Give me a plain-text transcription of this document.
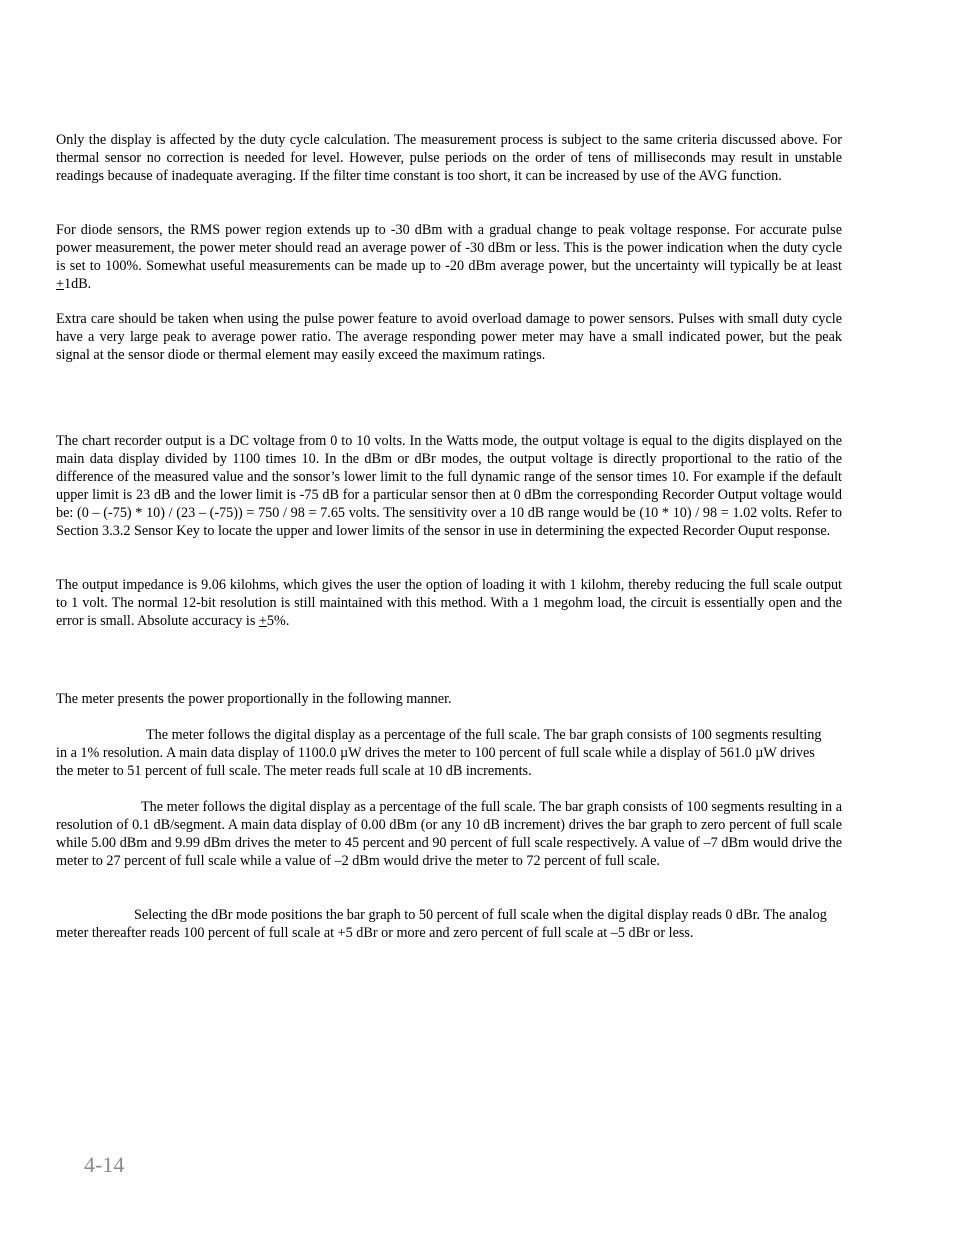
Only the display is affected by the duty cycle calculation. The measurement process is subject to the same criteria discussed above. For thermal sensor no correction is needed for level. However, pulse periods on the order of tens of milliseconds may result in unstable readings because of inadequate averaging. If the filter time constant is too short, it can be increased by use of the AVG function.

For diode sensors, the RMS power region extends up to -30 dBm with a gradual change to peak voltage response. For accurate pulse power measurement, the power meter should read an average power of -30 dBm or less. This is the power indication when the duty cycle is set to 100%. Somewhat useful measurements can be made up to -20 dBm average power, but the uncertainty will typically be at least +1dB.

Extra care should be taken when using the pulse power feature to avoid overload damage to power sensors. Pulses with small duty cycle have a very large peak to average power ratio. The average responding power meter may have a small indicated power, but the peak signal at the sensor diode or thermal element may easily exceed the maximum ratings.

The chart recorder output is a DC voltage from 0 to 10 volts. In the Watts mode, the output voltage is equal to the digits displayed on the main data display divided by 1100 times 10. In the dBm or dBr modes, the output voltage is directly proportional to the ratio of the difference of the measured value and the sonsor’s lower limit to the full dynamic range of the sensor times 10. For example if the default upper limit is 23 dB and the lower limit is -75 dB for a particular sensor then at 0 dBm the corresponding Recorder Output voltage would be: (0 – (-75) * 10) / (23 – (-75)) = 750 / 98 = 7.65 volts. The sensitivity over a 10 dB range would be (10 * 10) / 98 = 1.02 volts. Refer to Section 3.3.2 Sensor Key to locate the upper and lower limits of the sensor in use in determining the expected Recorder Ouput response.

The output impedance is 9.06 kilohms, which gives the user the option of loading it with 1 kilohm, thereby reducing the full scale output to 1 volt. The normal 12-bit resolution is still maintained with this method. With a 1 megohm load, the circuit is essentially open and the error is small. Absolute accuracy is +5%.

The meter presents the power proportionally in the following manner.

The meter follows the digital display as a percentage of the full scale. The bar graph consists of 100 segments resulting in a 1% resolution. A main data display of 1100.0 µW drives the meter to 100 percent of full scale while a display of 561.0 µW drives the meter to 51 percent of full scale. The meter reads full scale at 10 dB increments.

The meter follows the digital display as a percentage of the full scale. The bar graph consists of 100 segments resulting in a resolution of 0.1 dB/segment. A main data display of 0.00 dBm (or any 10 dB increment) drives the bar graph to zero percent of full scale while 5.00 dBm and 9.99 dBm drives the meter to 45 percent and 90 percent of full scale respectively. A value of –7 dBm would drive the meter to 27 percent of full scale while a value of –2 dBm would drive the meter to 72 percent of full scale.

Selecting the dBr mode positions the bar graph to 50 percent of full scale when the digital display reads 0 dBr. The analog meter thereafter reads 100 percent of full scale at +5 dBr or more and zero percent of full scale at –5 dBr or less.

4-14
